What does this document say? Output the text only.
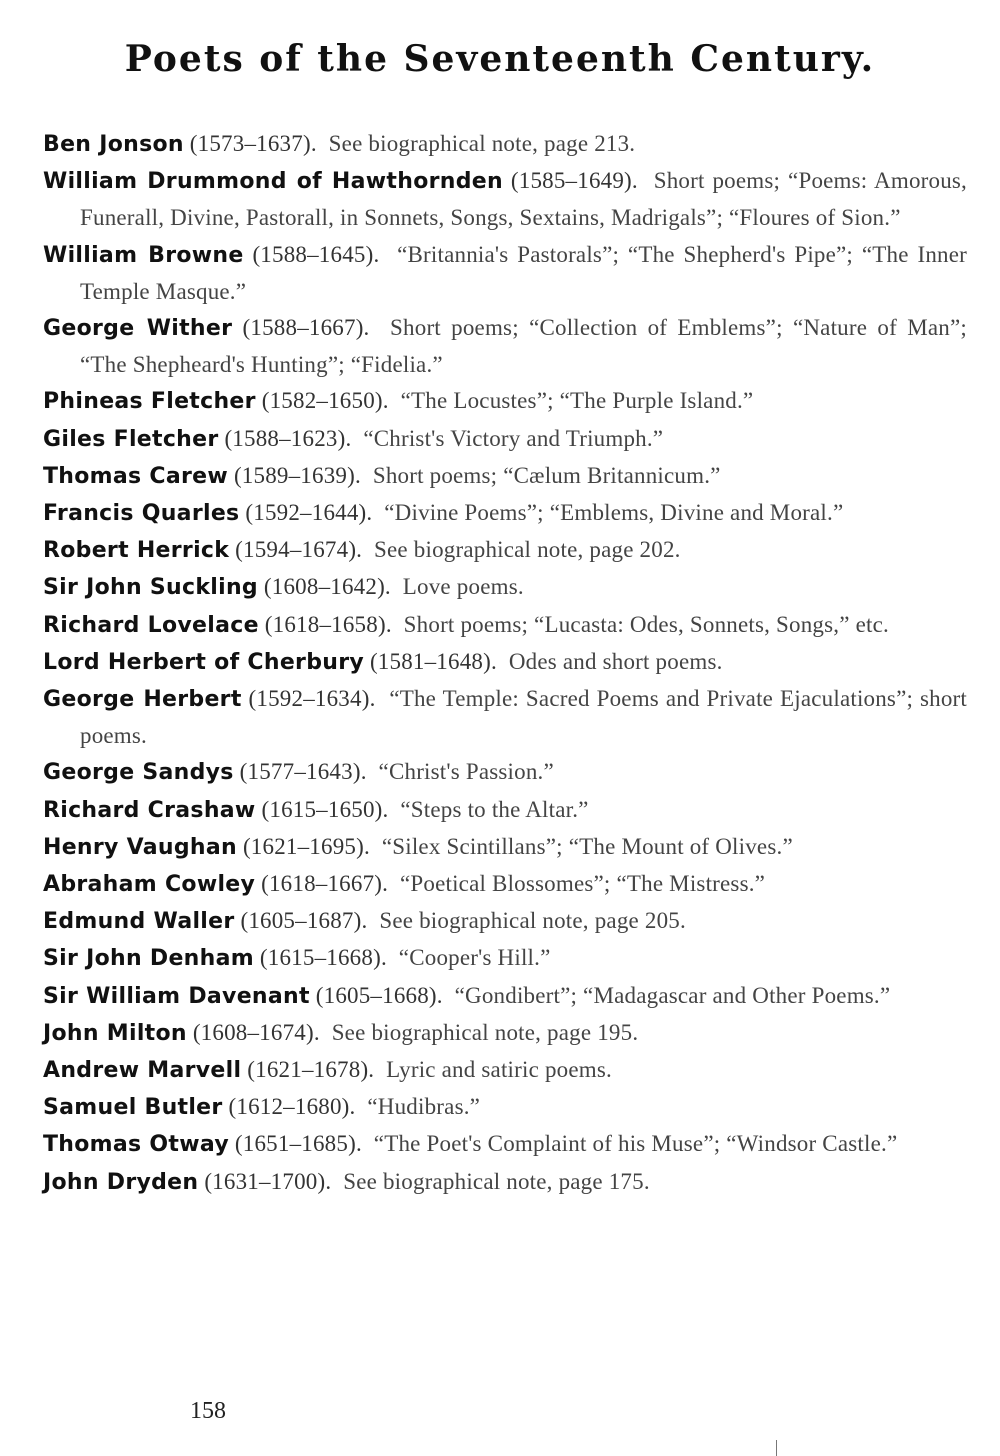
Poets of the Seventeenth Century.

Ben Jonson (1573–1637). See biographical note, page 213.

William Drummond of Hawthornden (1585–1649). Short poems; “Poems: Amorous, Funerall, Divine, Pastorall, in Sonnets, Songs, Sextains, Madrigals”; “Floures of Sion.”

William Browne (1588–1645). “Britannia's Pastorals”; “The Shepherd's Pipe”; “The Inner Temple Masque.”

George Wither (1588–1667). Short poems; “Collection of Emblems”; “Nature of Man”; “The Shepheard's Hunting”; “Fidelia.”

Phineas Fletcher (1582–1650). “The Locustes”; “The Purple Island.”

Giles Fletcher (1588–1623). “Christ's Victory and Triumph.”

Thomas Carew (1589–1639). Short poems; “Cælum Britannicum.”

Francis Quarles (1592–1644). “Divine Poems”; “Emblems, Divine and Moral.”

Robert Herrick (1594–1674). See biographical note, page 202.

Sir John Suckling (1608–1642). Love poems.

Richard Lovelace (1618–1658). Short poems; “Lucasta: Odes, Sonnets, Songs,” etc.

Lord Herbert of Cherbury (1581–1648). Odes and short poems.

George Herbert (1592–1634). “The Temple: Sacred Poems and Private Ejaculations”; short poems.

George Sandys (1577–1643). “Christ's Passion.”

Richard Crashaw (1615–1650). “Steps to the Altar.”

Henry Vaughan (1621–1695). “Silex Scintillans”; “The Mount of Olives.”

Abraham Cowley (1618–1667). “Poetical Blossomes”; “The Mistress.”

Edmund Waller (1605–1687). See biographical note, page 205.

Sir John Denham (1615–1668). “Cooper's Hill.”

Sir William Davenant (1605–1668). “Gondibert”; “Madagascar and Other Poems.”

John Milton (1608–1674). See biographical note, page 195.

Andrew Marvell (1621–1678). Lyric and satiric poems.

Samuel Butler (1612–1680). “Hudibras.”

Thomas Otway (1651–1685). “The Poet's Complaint of his Muse”; “Windsor Castle.”

John Dryden (1631–1700). See biographical note, page 175.

158
